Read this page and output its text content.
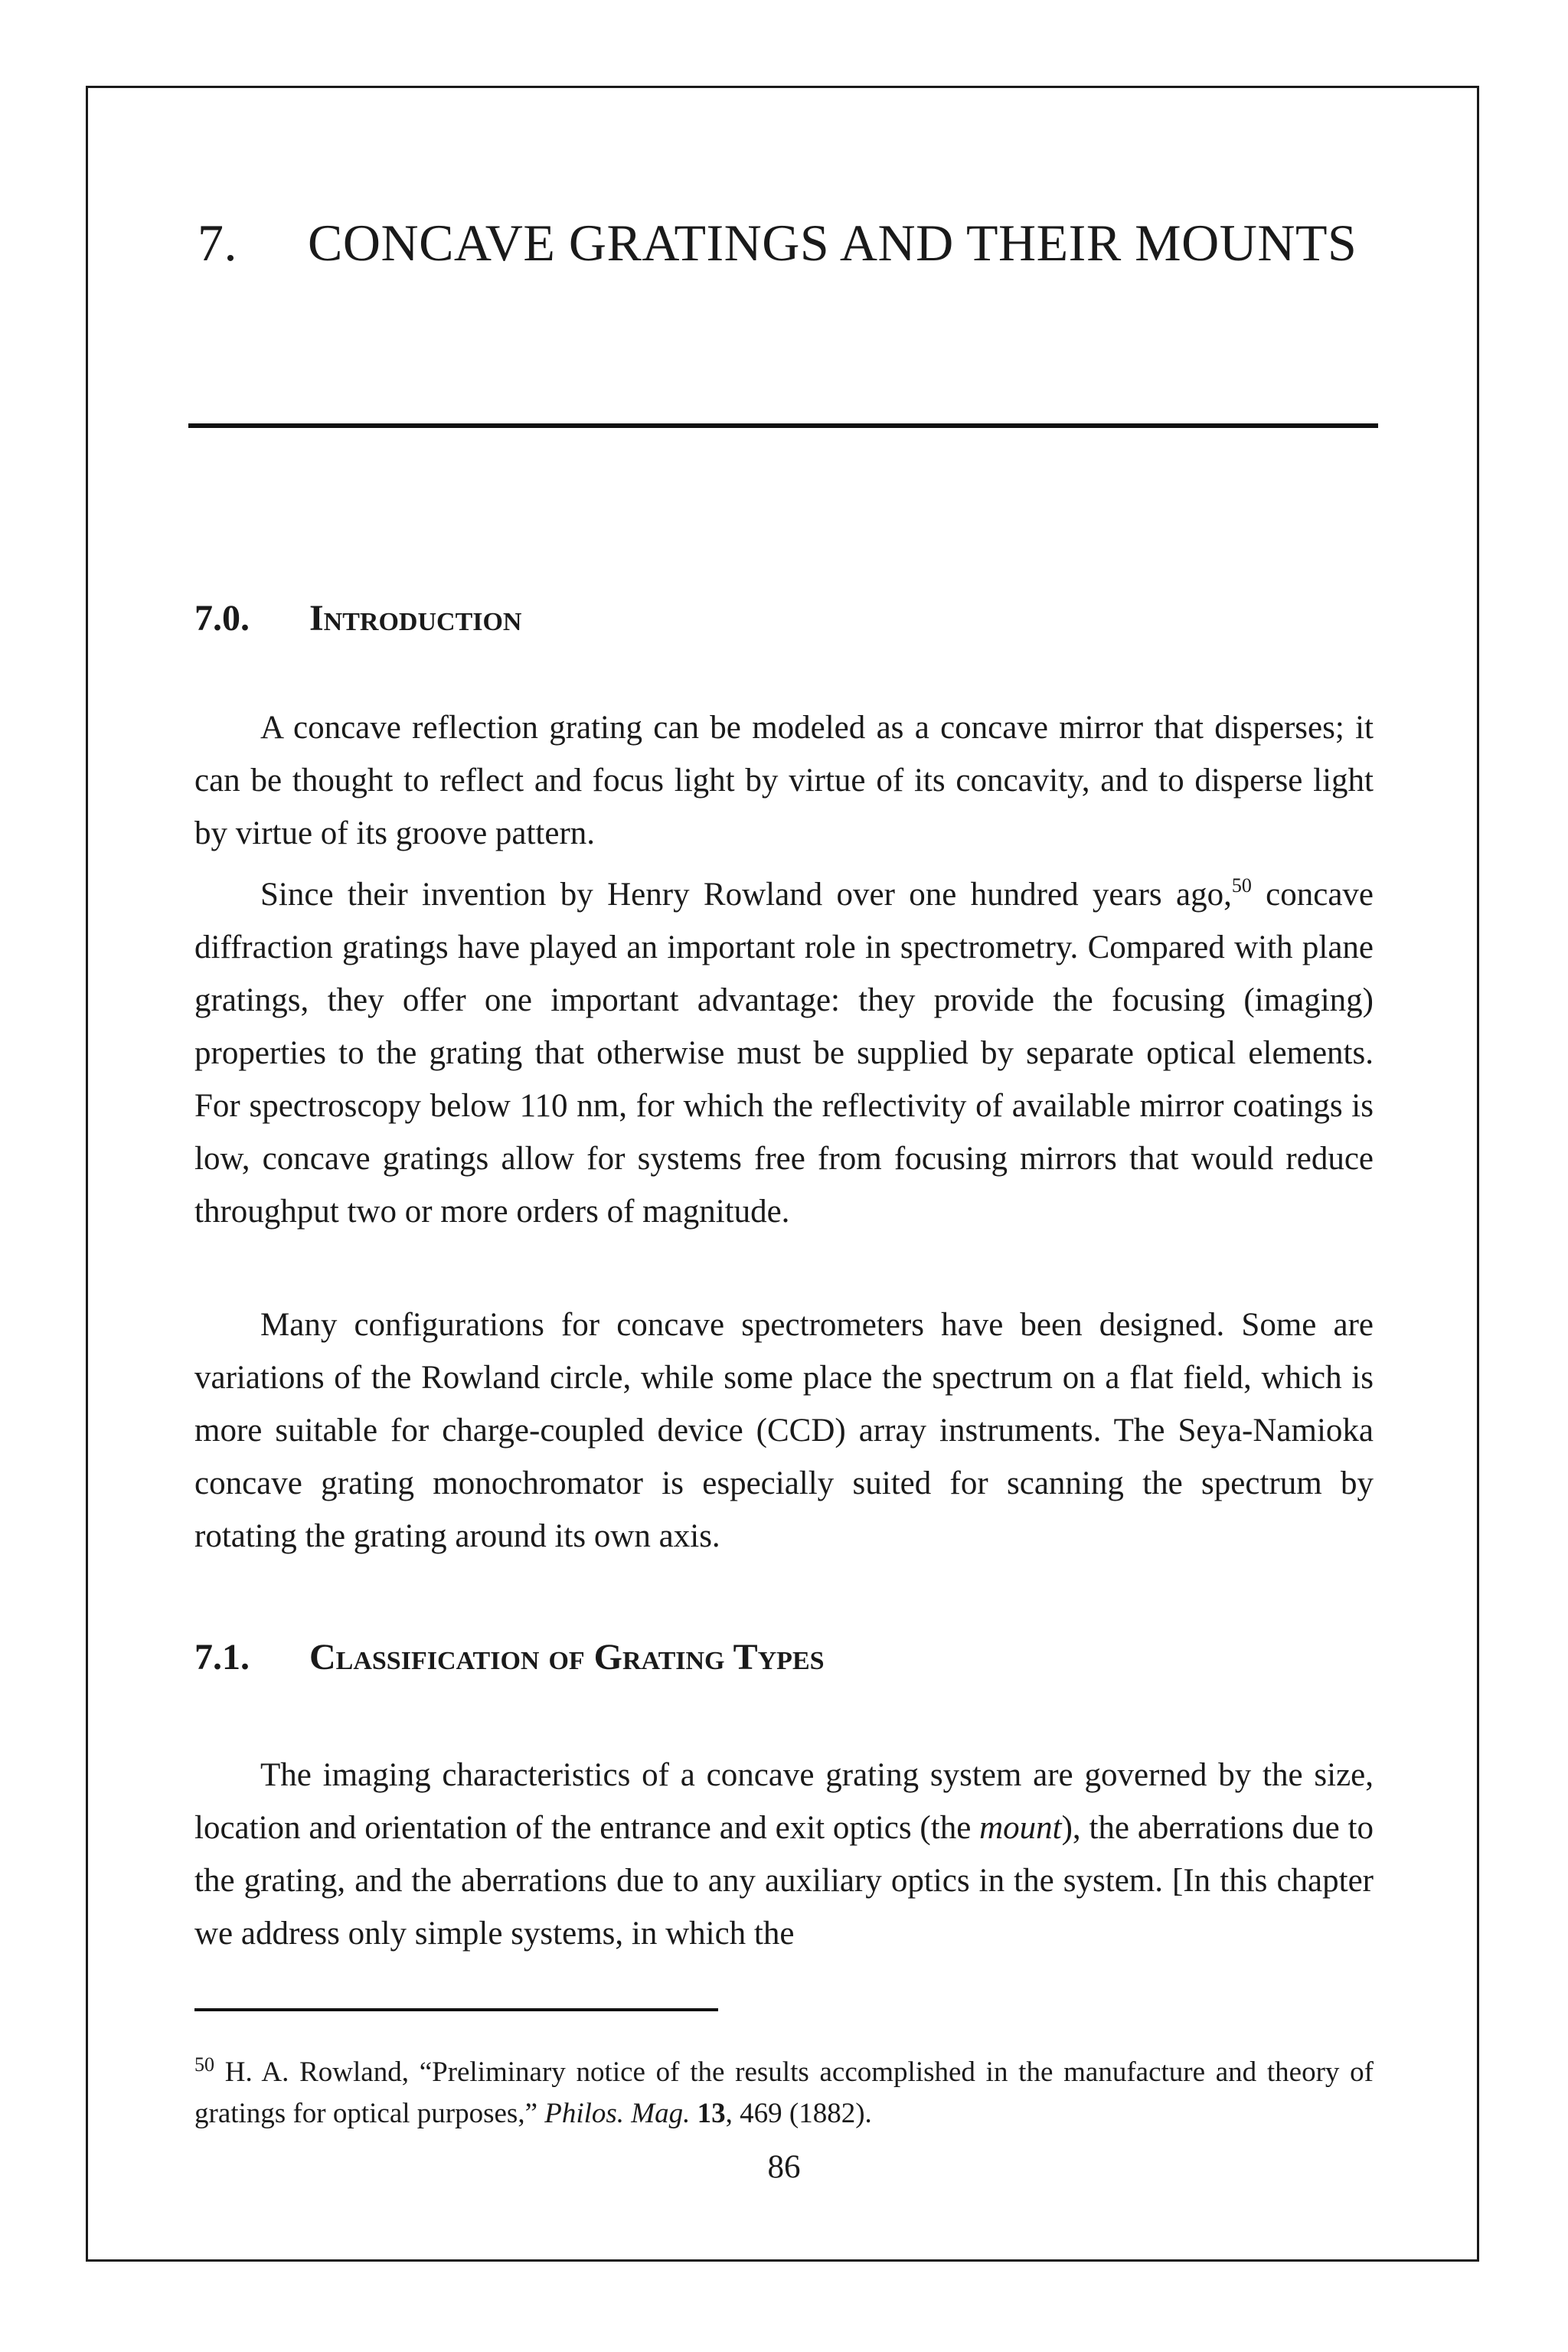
7. CONCAVE GRATINGS AND THEIR MOUNTS
7.0. Introduction

A concave reflection grating can be modeled as a concave mirror that disperses; it can be thought to reflect and focus light by virtue of its concavity, and to disperse light by virtue of its groove pattern.

Since their invention by Henry Rowland over one hundred years ago,$^{50}$ concave diffraction gratings have played an important role in spectrometry. Compared with plane gratings, they offer one important advantage: they provide the focusing (imaging) properties to the grating that otherwise must be supplied by separate optical elements. For spectroscopy below 110 nm, for which the reflectivity of available mirror coatings is low, concave gratings allow for systems free from focusing mirrors that would reduce throughput two or more orders of magnitude.

Many configurations for concave spectrometers have been designed. Some are variations of the Rowland circle, while some place the spectrum on a flat field, which is more suitable for charge-coupled device (CCD) array instruments. The Seya-Namioka concave grating monochromator is especially suited for scanning the spectrum by rotating the grating around its own axis.

7.1. Classification of Grating Types

The imaging characteristics of a concave grating system are governed by the size, location and orientation of the entrance and exit optics (the mount), the aberrations due to the grating, and the aberrations due to any auxiliary optics in the system. [In this chapter we address only simple systems, in which the

$^{50}$ H. A. Rowland, “Preliminary notice of the results accomplished in the manufacture and theory of gratings for optical purposes,” Philos. Mag. 13, 469 (1882).

86
